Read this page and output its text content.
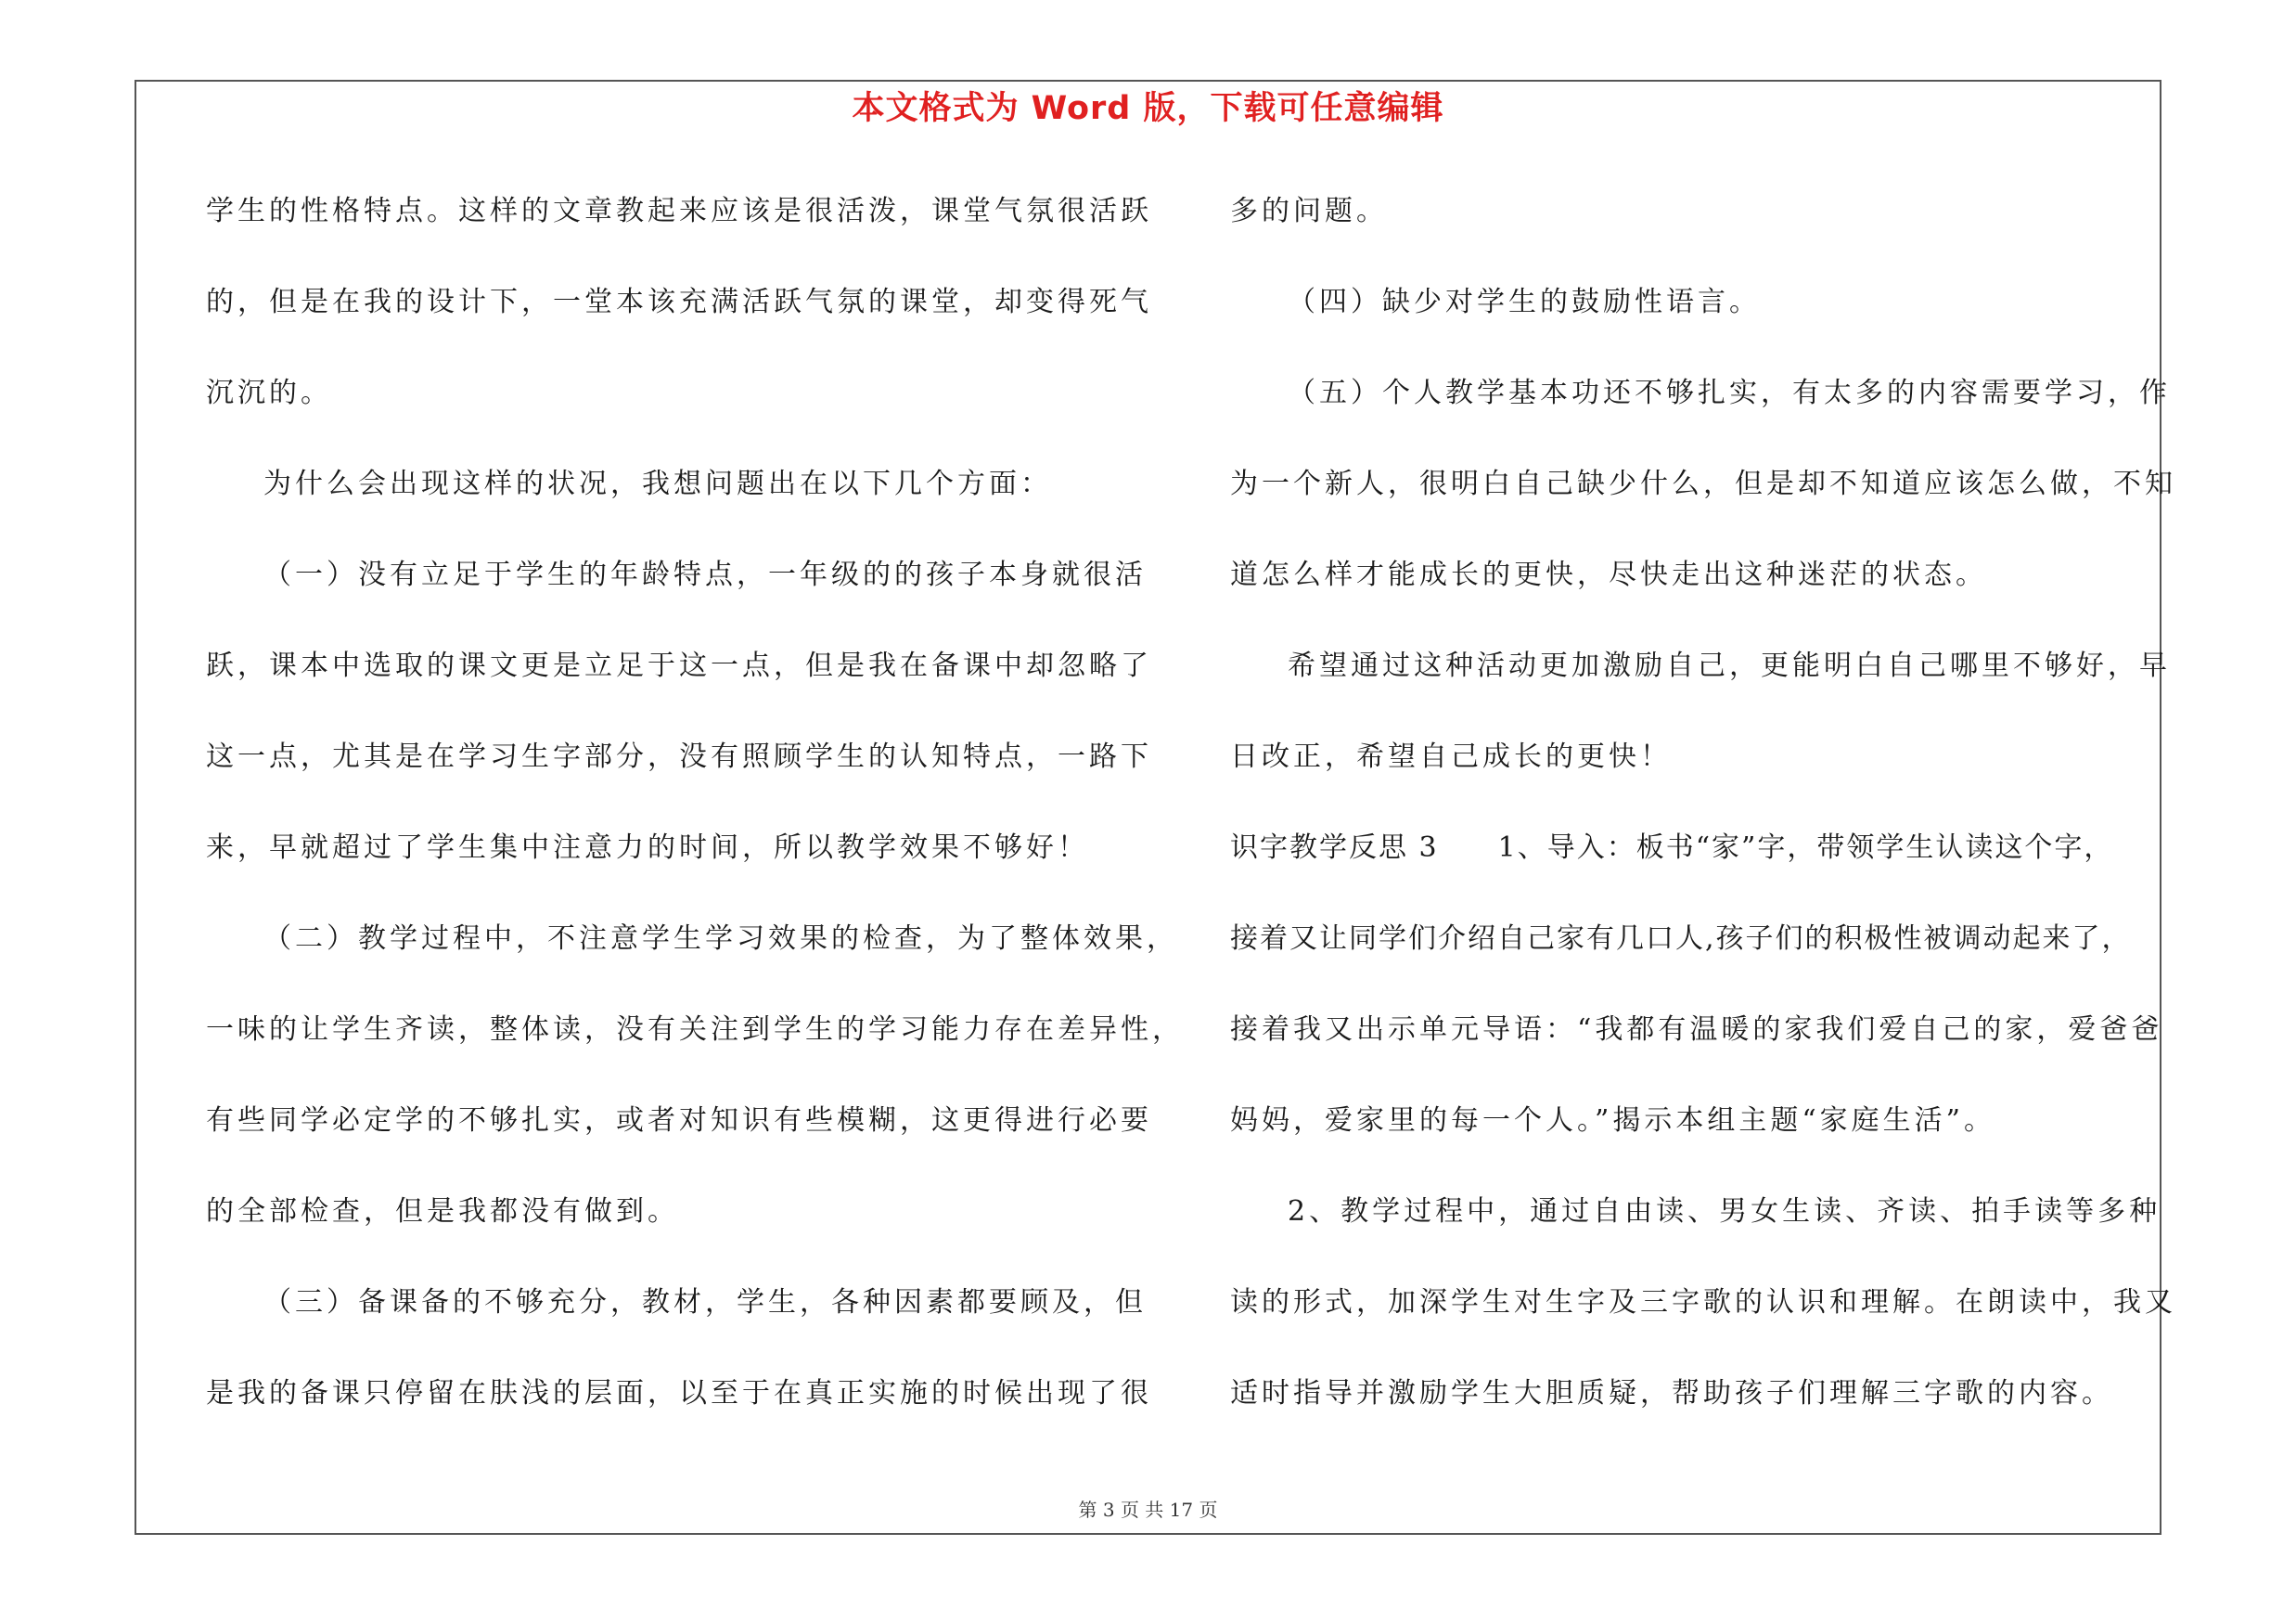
本文格式为 Word 版，下载可任意编辑
学生的性格特点。这样的文章教起来应该是很活泼，课堂气氛很活跃
的，但是在我的设计下，一堂本该充满活跃气氛的课堂，却变得死气
沉沉的。
为什么会出现这样的状况，我想问题出在以下几个方面：
（一）没有立足于学生的年龄特点，一年级的的孩子本身就很活
跃，课本中选取的课文更是立足于这一点，但是我在备课中却忽略了
这一点，尤其是在学习生字部分，没有照顾学生的认知特点，一路下
来，早就超过了学生集中注意力的时间，所以教学效果不够好！
（二）教学过程中，不注意学生学习效果的检查，为了整体效果，
一味的让学生齐读，整体读，没有关注到学生的学习能力存在差异性，
有些同学必定学的不够扎实，或者对知识有些模糊，这更得进行必要
的全部检查，但是我都没有做到。
（三）备课备的不够充分，教材，学生，各种因素都要顾及，但
是我的备课只停留在肤浅的层面，以至于在真正实施的时候出现了很
多的问题。
（四）缺少对学生的鼓励性语言。
（五）个人教学基本功还不够扎实，有太多的内容需要学习，作
为一个新人，很明白自己缺少什么，但是却不知道应该怎么做，不知
道怎么样才能成长的更快，尽快走出这种迷茫的状态。
希望通过这种活动更加激励自己，更能明白自己哪里不够好，早
日改正，希望自己成长的更快！
识字教学反思 3　　1、导入：板书“家”字，带领学生认读这个字，
接着又让同学们介绍自己家有几口人,孩子们的积极性被调动起来了，
接着我又出示单元导语：“我都有温暖的家我们爱自己的家，爱爸爸
妈妈，爱家里的每一个人。”揭示本组主题“家庭生活”。
2、教学过程中，通过自由读、男女生读、齐读、拍手读等多种
读的形式，加深学生对生字及三字歌的认识和理解。在朗读中，我又
适时指导并激励学生大胆质疑，帮助孩子们理解三字歌的内容。
第 3 页 共 17 页
